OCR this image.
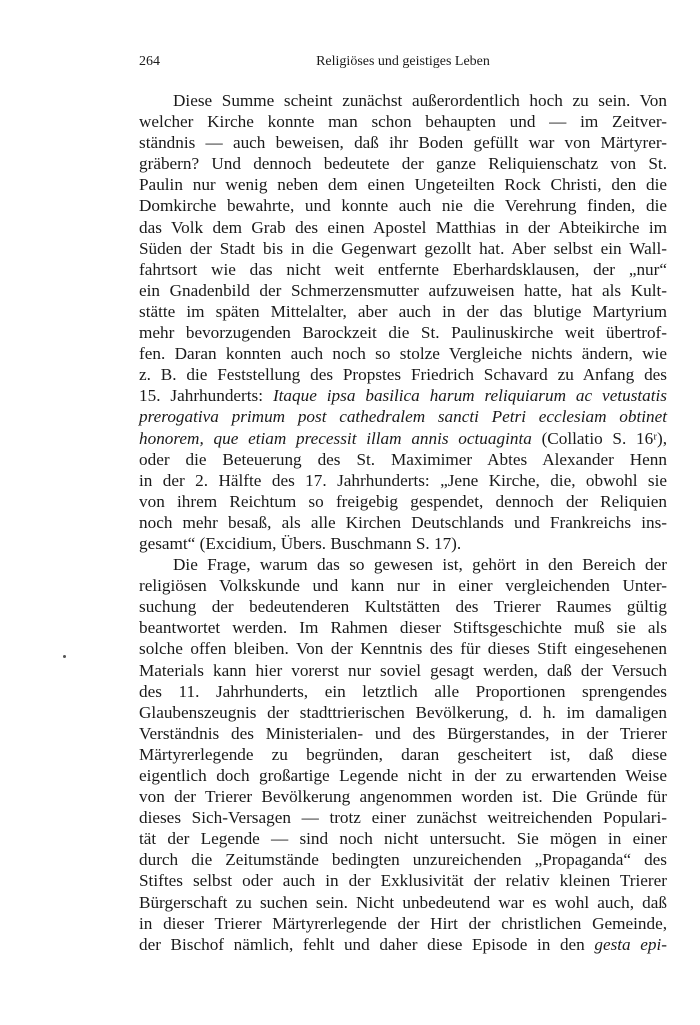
264	Religiöses und geistiges Leben
Diese Summe scheint zunächst außerordentlich hoch zu sein. Von
welcher Kirche konnte man schon behaupten und — im Zeitver-
ständnis — auch beweisen, daß ihr Boden gefüllt war von Märtyrer-
gräbern? Und dennoch bedeutete der ganze Reliquienschatz von St.
Paulin nur wenig neben dem einen Ungeteilten Rock Christi, den die
Domkirche bewahrte, und konnte auch nie die Verehrung finden, die
das Volk dem Grab des einen Apostel Matthias in der Abteikirche im
Süden der Stadt bis in die Gegenwart gezollt hat. Aber selbst ein Wall-
fahrtsort wie das nicht weit entfernte Eberhardsklausen, der „nur“
ein Gnadenbild der Schmerzensmutter aufzuweisen hatte, hat als Kult-
stätte im späten Mittelalter, aber auch in der das blutige Martyrium
mehr bevorzugenden Barockzeit die St. Paulinuskirche weit übertrof-
fen. Daran konnten auch noch so stolze Vergleiche nichts ändern, wie
z. B. die Feststellung des Propstes Friedrich Schavard zu Anfang des
15. Jahrhunderts: Itaque ipsa basilica harum reliquiarum ac vetustatis
prerogativa primum post cathedralem sancti Petri ecclesiam obtinet
honorem, que etiam precessit illam annis octuaginta (Collatio S. 16ʳ),
oder die Beteuerung des St. Maximimer Abtes Alexander Henn
in der 2. Hälfte des 17. Jahrhunderts: „Jene Kirche, die, obwohl sie
von ihrem Reichtum so freigebig gespendet, dennoch der Reliquien
noch mehr besaß, als alle Kirchen Deutschlands und Frankreichs ins-
gesamt“ (Excidium, Übers. Buschmann S. 17).
Die Frage, warum das so gewesen ist, gehört in den Bereich der
religiösen Volkskunde und kann nur in einer vergleichenden Unter-
suchung der bedeutenderen Kultstätten des Trierer Raumes gültig
beantwortet werden. Im Rahmen dieser Stiftsgeschichte muß sie als
solche offen bleiben. Von der Kenntnis des für dieses Stift eingesehenen
Materials kann hier vorerst nur soviel gesagt werden, daß der Versuch
des 11. Jahrhunderts, ein letztlich alle Proportionen sprengendes
Glaubenszeugnis der stadttrierischen Bevölkerung, d. h. im damaligen
Verständnis des Ministerialen- und des Bürgerstandes, in der Trierer
Märtyrerlegende zu begründen, daran gescheitert ist, daß diese
eigentlich doch großartige Legende nicht in der zu erwartenden Weise
von der Trierer Bevölkerung angenommen worden ist. Die Gründe für
dieses Sich-Versagen — trotz einer zunächst weitreichenden Populari-
tät der Legende — sind noch nicht untersucht. Sie mögen in einer
durch die Zeitumstände bedingten unzureichenden „Propaganda“ des
Stiftes selbst oder auch in der Exklusivität der relativ kleinen Trierer
Bürgerschaft zu suchen sein. Nicht unbedeutend war es wohl auch, daß
in dieser Trierer Märtyrerlegende der Hirt der christlichen Gemeinde,
der Bischof nämlich, fehlt und daher diese Episode in den gesta epi-
